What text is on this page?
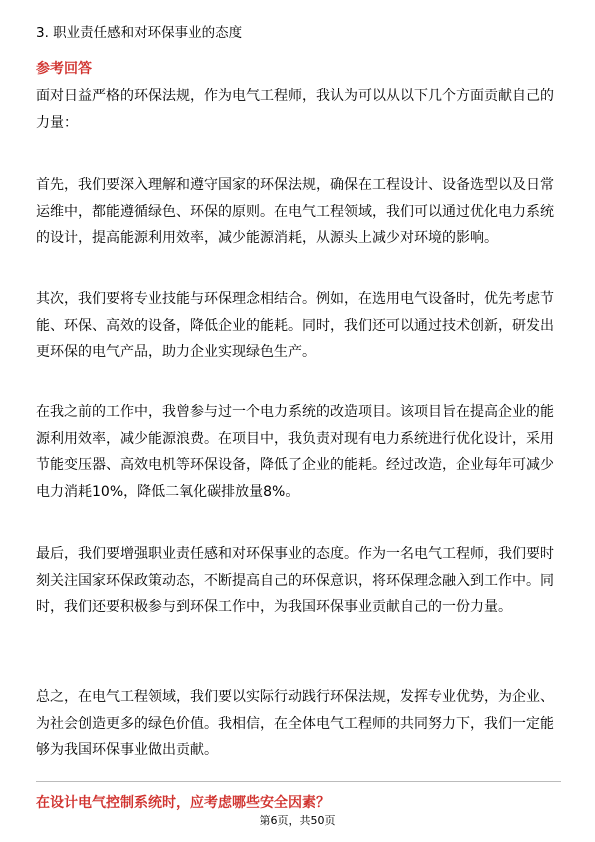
3. 职业责任感和对环保事业的态度
参考回答

面对日益严格的环保法规，作为电气工程师，我认为可以从以下几个方面贡献自己的力量：

首先，我们要深入理解和遵守国家的环保法规，确保在工程设计、设备选型以及日常运维中，都能遵循绿色、环保的原则。在电气工程领域，我们可以通过优化电力系统的设计，提高能源利用效率，减少能源消耗，从源头上减少对环境的影响。

其次，我们要将专业技能与环保理念相结合。例如，在选用电气设备时，优先考虑节能、环保、高效的设备，降低企业的能耗。同时，我们还可以通过技术创新，研发出更环保的电气产品，助力企业实现绿色生产。

在我之前的工作中，我曾参与过一个电力系统的改造项目。该项目旨在提高企业的能源利用效率，减少能源浪费。在项目中，我负责对现有电力系统进行优化设计，采用节能变压器、高效电机等环保设备，降低了企业的能耗。经过改造，企业每年可减少电力消耗10%，降低二氧化碳排放量8%。

最后，我们要增强职业责任感和对环保事业的态度。作为一名电气工程师，我们要时刻关注国家环保政策动态，不断提高自己的环保意识，将环保理念融入到工作中。同时，我们还要积极参与到环保工作中，为我国环保事业贡献自己的一份力量。

总之，在电气工程领域，我们要以实际行动践行环保法规，发挥专业优势，为企业、为社会创造更多的绿色价值。我相信，在全体电气工程师的共同努力下，我们一定能够为我国环保事业做出贡献。

在设计电气控制系统时，应考虑哪些安全因素？
第6页，共50页
